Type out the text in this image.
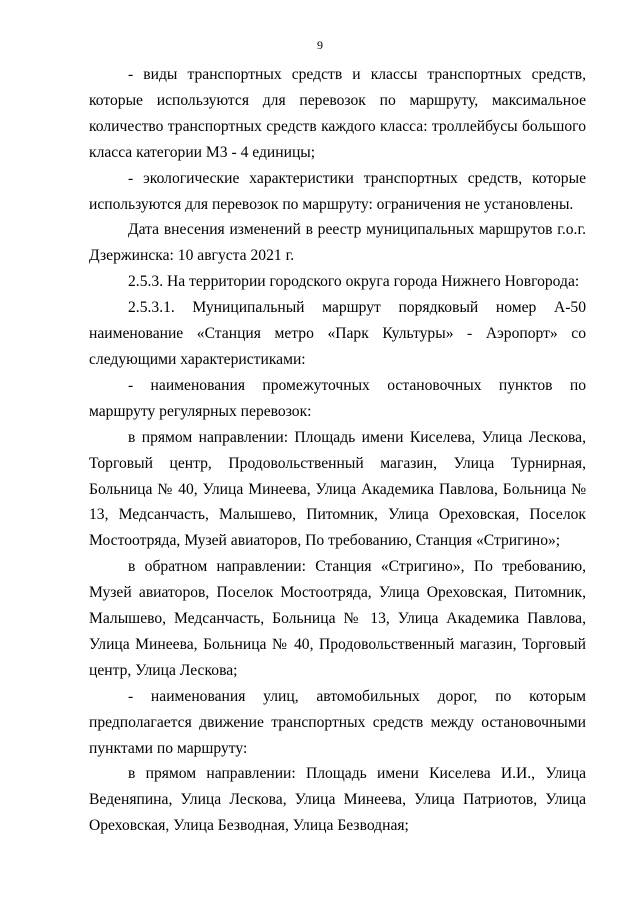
9

- виды транспортных средств и классы транспортных средств, которые используются для перевозок по маршруту, максимальное количество транспортных средств каждого класса: троллейбусы большого класса категории М3 - 4 единицы;

- экологические характеристики транспортных средств, которые используются для перевозок по маршруту: ограничения не установлены.

Дата внесения изменений в реестр муниципальных маршрутов г.о.г. Дзержинска: 10 августа 2021 г.

2.5.3. На территории городского округа города Нижнего Новгорода:

2.5.3.1. Муниципальный маршрут порядковый номер А-50 наименование «Станция метро «Парк Культуры» - Аэропорт» со следующими характеристиками:

- наименования промежуточных остановочных пунктов по маршруту регулярных перевозок:

в прямом направлении: Площадь имени Киселева, Улица Лескова, Торговый центр, Продовольственный магазин, Улица Турнирная, Больница № 40, Улица Минеева, Улица Академика Павлова, Больница № 13, Медсанчасть, Малышево, Питомник, Улица Ореховская, Поселок Мостоотряда, Музей авиаторов, По требованию, Станция «Стригино»;

в обратном направлении: Станция «Стригино», По требованию, Музей авиаторов, Поселок Мостоотряда, Улица Ореховская, Питомник, Малышево, Медсанчасть, Больница № 13, Улица Академика Павлова, Улица Минеева, Больница № 40, Продовольственный магазин, Торговый центр, Улица Лескова;

- наименования улиц, автомобильных дорог, по которым предполагается движение транспортных средств между остановочными пунктами по маршруту:

в прямом направлении: Площадь имени Киселева И.И., Улица Веденяпина, Улица Лескова, Улица Минеева, Улица Патриотов, Улица Ореховская, Улица Безводная, Улица Безводная;
